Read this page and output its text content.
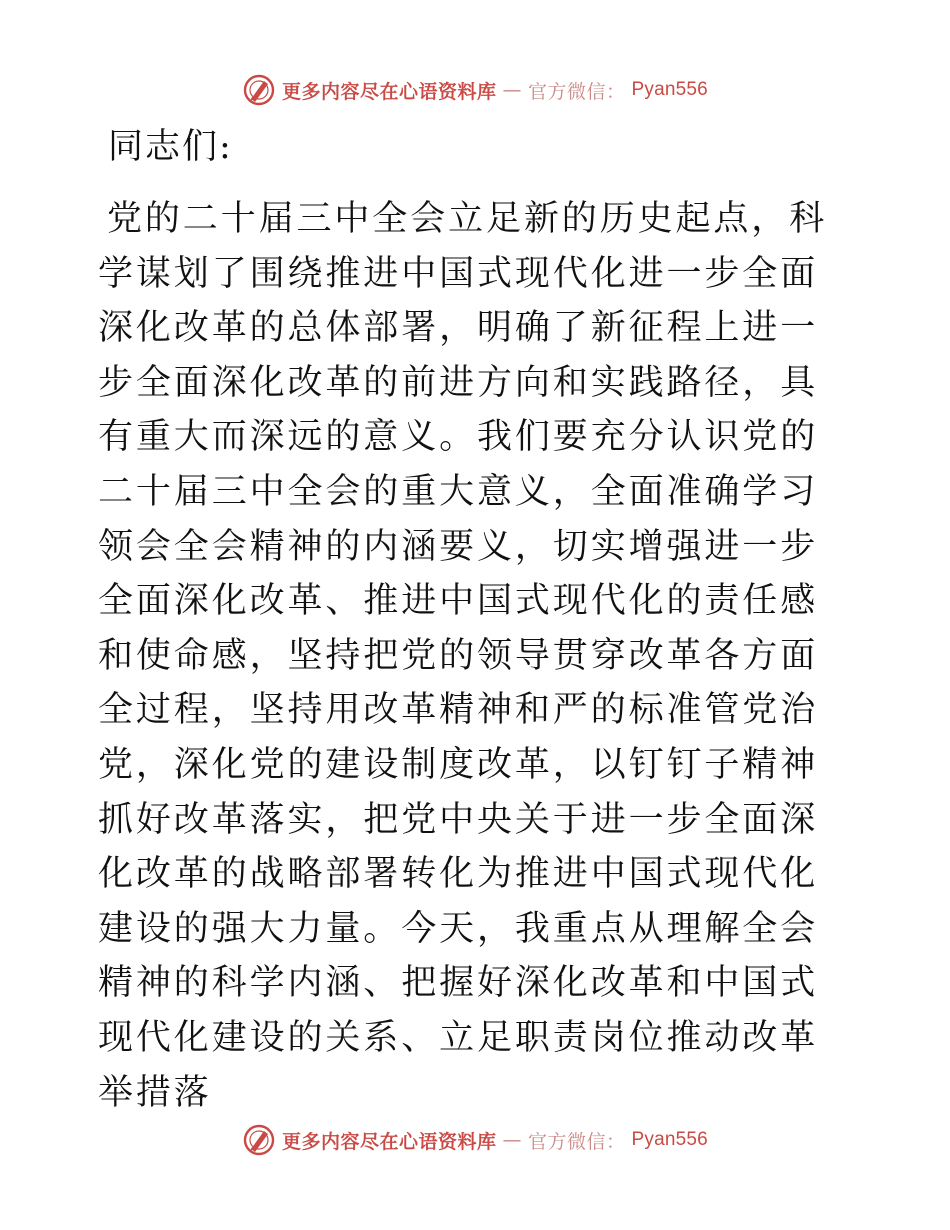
更多内容尽在心语资料库 — 官方微信： Pyan556
同志们:

党的二十届三中全会立足新的历史起点，科学谋划了围绕推进中国式现代化进一步全面深化改革的总体部署，明确了新征程上进一步全面深化改革的前进方向和实践路径，具有重大而深远的意义。我们要充分认识党的二十届三中全会的重大意义，全面准确学习领会全会精神的内涵要义，切实增强进一步全面深化改革、推进中国式现代化的责任感和使命感，坚持把党的领导贯穿改革各方面全过程，坚持用改革精神和严的标准管党治党，深化党的建设制度改革，以钉钉子精神抓好改革落实，把党中央关于进一步全面深化改革的战略部署转化为推进中国式现代化建设的强大力量。今天，我重点从理解全会精神的科学内涵、把握好深化改革和中国式现代化建设的关系、立足职责岗位推动改革举措落

更多内容尽在心语资料库 — 官方微信： Pyan556
